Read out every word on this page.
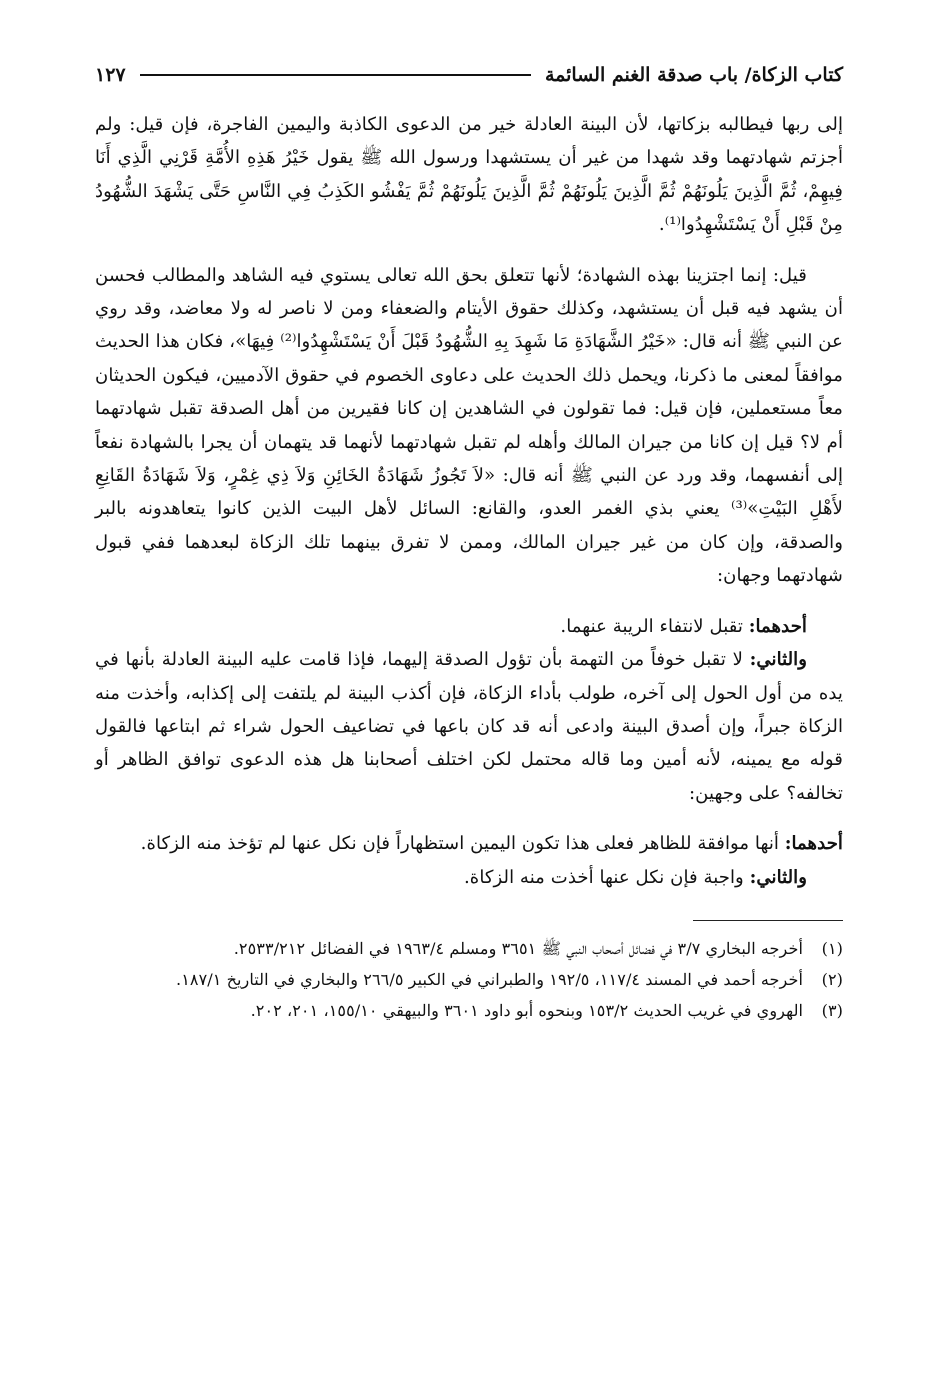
كتاب الزكاة/ باب صدقة الغنم السائمة
١٢٧

إلى ربها فيطالبه بزكاتها، لأن البينة العادلة خير من الدعوى الكاذبة واليمين الفاجرة، فإن قيل: ولم أجزتم شهادتهما وقد شهدا من غير أن يستشهدا ورسول الله ﷺ يقول خَيْرُ هَذِهِ الأُمَّةِ قَرْنِي الَّذِي أَنَا فِيهِمْ، ثُمَّ الَّذِينَ يَلُونَهُمْ ثُمَّ الَّذِينَ يَلُونَهُمْ ثُمَّ الَّذِينَ يَلُونَهُمْ ثُمَّ يَفْشُو الكَذِبُ فِي النَّاسِ حَتَّى يَشْهَدَ الشُّهُودُ مِنْ قَبْلِ أَنْ يَسْتَشْهِدُوا⁽¹⁾.

قيل: إنما اجتزينا بهذه الشهادة؛ لأنها تتعلق بحق الله تعالى يستوي فيه الشاهد والمطالب فحسن أن يشهد فيه قبل أن يستشهد، وكذلك حقوق الأيتام والضعفاء ومن لا ناصر له ولا معاضد، وقد روي عن النبي ﷺ أنه قال: «خَيْرُ الشَّهَادَةِ مَا شَهِدَ بِهِ الشُّهُودُ قَبْلَ أَنْ يَسْتَشْهِدُوا⁽²⁾ فِيهَا»، فكان هذا الحديث موافقاً لمعنى ما ذكرنا، ويحمل ذلك الحديث على دعاوى الخصوم في حقوق الآدميين، فيكون الحديثان معاً مستعملين، فإن قيل: فما تقولون في الشاهدين إن كانا فقيرين من أهل الصدقة تقبل شهادتهما أم لا؟ قيل إن كانا من جيران المالك وأهله لم تقبل شهادتهما لأنهما قد يتهمان أن يجرا بالشهادة نفعاً إلى أنفسهما، وقد ورد عن النبي ﷺ أنه قال: «لاَ تَجُوزُ شَهَادَةُ الخَائِنِ وَلاَ ذِي غِمْرٍ، وَلاَ شَهَادَةُ القَانِعِ لأَهْلِ البَيْتِ»⁽³⁾ يعني بذي الغمر العدو، والقانع: السائل لأهل البيت الذين كانوا يتعاهدونه بالبر والصدقة، وإن كان من غير جيران المالك، وممن لا تفرق بينهما تلك الزكاة لبعدهما ففي قبول شهادتهما وجهان:

أحدهما: تقبل لانتفاء الريبة عنهما.

والثاني: لا تقبل خوفاً من التهمة بأن تؤول الصدقة إليهما، فإذا قامت عليه البينة العادلة بأنها في يده من أول الحول إلى آخره، طولب بأداء الزكاة، فإن أكذب البينة لم يلتفت إلى إكذابه، وأخذت منه الزكاة جبراً، وإن أصدق البينة وادعى أنه قد كان باعها في تضاعيف الحول شراء ثم ابتاعها فالقول قوله مع يمينه، لأنه أمين وما قاله محتمل لكن اختلف أصحابنا هل هذه الدعوى توافق الظاهر أو تخالفه؟ على وجهين:

أحدهما: أنها موافقة للظاهر فعلى هذا تكون اليمين استظهاراً فإن نكل عنها لم تؤخذ منه الزكاة.

والثاني: واجبة فإن نكل عنها أخذت منه الزكاة.

(١)
أخرجه البخاري ٣/٧ في فضائل أصحاب النبي ﷺ ٣٦٥١ ومسلم ١٩٦٣/٤ في الفضائل ٢٥٣٣/٢١٢.
(٢)
أخرجه أحمد في المسند ١١٧/٤، ١٩٢/٥ والطبراني في الكبير ٢٦٦/٥ والبخاري في التاريخ ١٨٧/١.
(٣)
الهروي في غريب الحديث ١٥٣/٢ وبنحوه أبو داود ٣٦٠١ والبيهقي ١٥٥/١٠، ٢٠١، ٢٠٢.
